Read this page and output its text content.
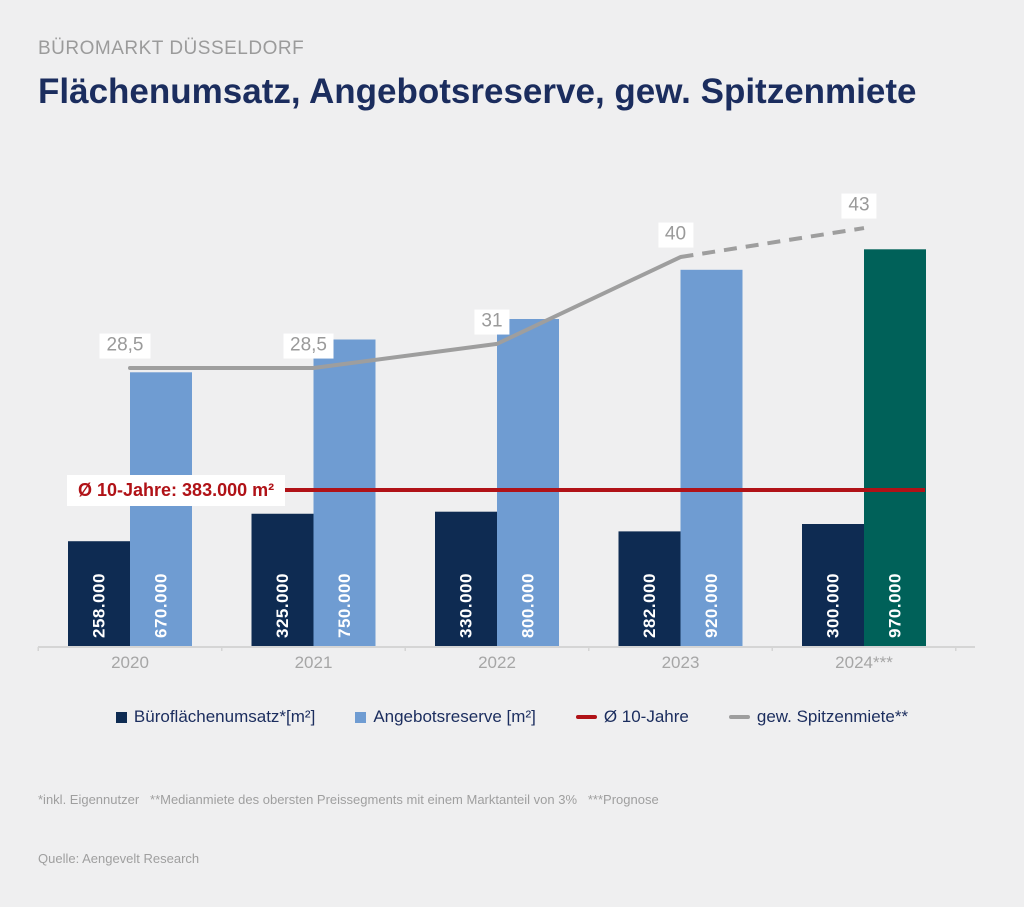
BÜROMARKT DÜSSELDORF
Flächenumsatz, Angebotsreserve, gew. Spitzenmiete
2020	2021	2022	2023	2024***
258.000	325.000	330.000	282.000	300.000
670.000	750.000	800.000	920.000	970.000
Ø 10-Jahre: 383.000 m²
28,5	28,5
31
40
43
Büroflächenumsatz*[m²]	Angebotsreserve [m²]	Ø 10-Jahre	gew. Spitzenmiete**

*inkl. Eigennutzer   **Medianmiete des obersten Preissegments mit einem Marktanteil von 3%   ***Prognose

Quelle: Aengevelt Research
